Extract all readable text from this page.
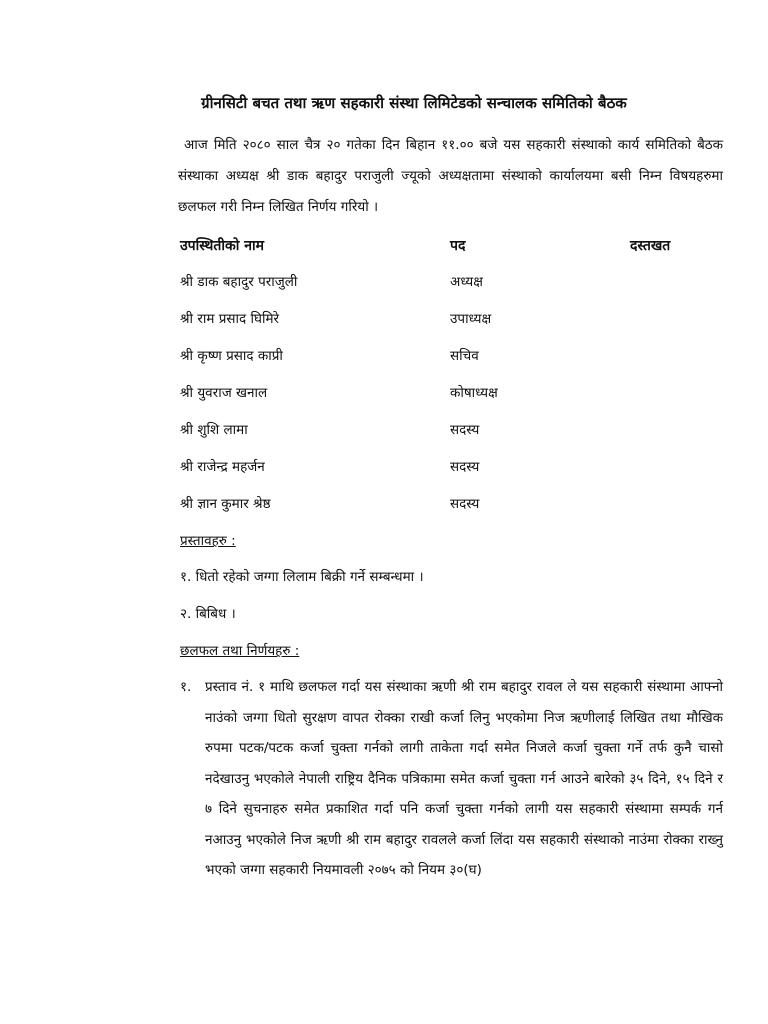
ग्रीनसिटी बचत तथा ऋण सहकारी संस्था लिमिटेडको सन्चालक समितिको बैठक
आज मिति २०८० साल चैत्र २० गतेका दिन बिहान ११.०० बजे यस सहकारी संस्थाको कार्य समितिको बैठक संस्थाका अध्यक्ष श्री डाक बहादुर पराजुली ज्यूको अध्यक्षतामा संस्थाको कार्यालयमा बसी निम्न विषयहरुमा छलफल गरी निम्न लिखित निर्णय गरियो ।
उपस्थितीको नाम	पद	दस्तखत
श्री डाक बहादुर पराजुली	अध्यक्ष
श्री राम प्रसाद घिमिरे	उपाध्यक्ष
श्री कृष्ण प्रसाद काप्री	सचिव
श्री युवराज खनाल	कोषाध्यक्ष
श्री शुशि लामा	सदस्य
श्री राजेन्द्र महर्जन	सदस्य
श्री ज्ञान कुमार श्रेष्ठ	सदस्य
प्रस्तावहरु :
१. धितो रहेको जग्गा लिलाम बिक्री गर्ने सम्बन्धमा ।
२. बिबिध ।
छलफल तथा निर्णयहरु :
१. प्रस्ताव नं. १ माथि छलफल गर्दा यस संस्थाका ऋणी श्री राम बहादुर रावल ले यस सहकारी संस्थामा आफ्नो नाउंको जग्गा धितो सुरक्षण वापत रोक्का राखी कर्जा लिनु भएकोमा निज ऋणीलाई लिखित तथा मौखिक रुपमा पटक/पटक कर्जा चुक्ता गर्नको लागी ताकेता गर्दा समेत निजले कर्जा चुक्ता गर्ने तर्फ कुनै चासो नदेखाउनु भएकोले नेपाली राष्ट्रिय दैनिक पत्रिकामा समेत कर्जा चुक्ता गर्न आउने बारेको ३५ दिने, १५ दिने र ७ दिने सुचनाहरु समेत प्रकाशित गर्दा पनि कर्जा चुक्ता गर्नको लागी यस सहकारी संस्थामा सम्पर्क गर्न नआउनु भएकोले निज ऋणी श्री राम बहादुर रावलले कर्जा लिंदा यस सहकारी संस्थाको नाउंमा रोक्का राख्नु भएको जग्गा सहकारी नियमावली २०७५ को नियम ३०(घ)
